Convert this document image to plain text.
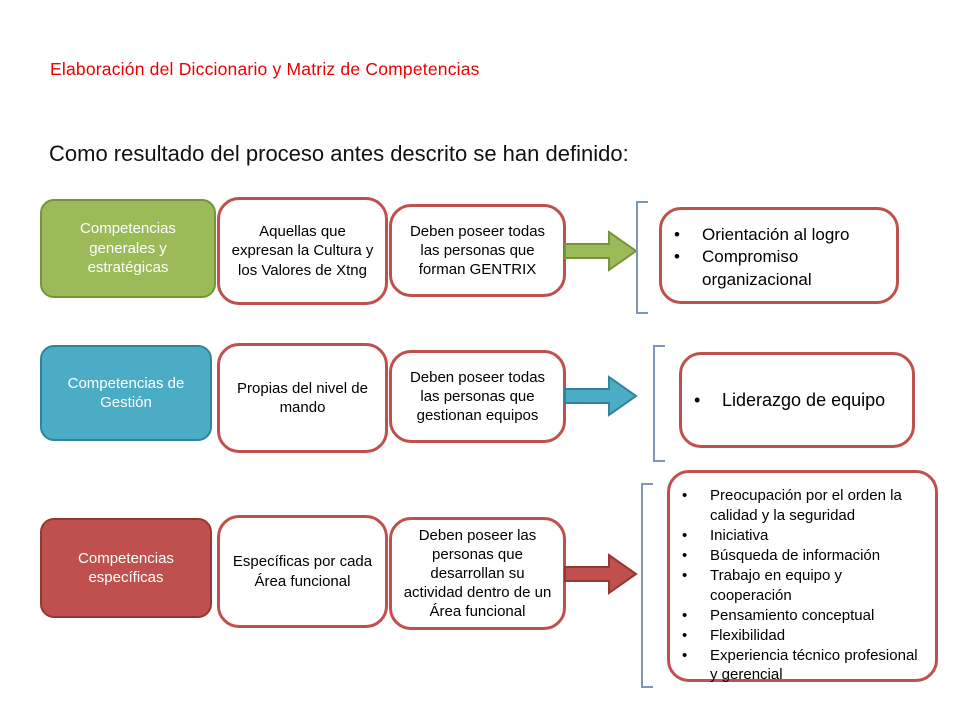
Elaboración del Diccionario y Matriz de Competencias
Como resultado del proceso antes descrito se han definido:
Competencias generales y estratégicas
Aquellas que expresan la Cultura y los Valores de Xtng
Deben poseer todas las personas que forman GENTRIX
• Orientación al logro
• Compromiso organizacional
Competencias de Gestión
Propias del nivel de mando
Deben poseer todas las personas que gestionan equipos
• Liderazgo de equipo
Competencias específicas
Específicas por cada Área funcional
Deben poseer las personas que desarrollan su actividad dentro de un Área funcional
• Preocupación por el orden la calidad y la seguridad
• Iniciativa
• Búsqueda de información
• Trabajo en equipo y cooperación
• Pensamiento conceptual
• Flexibilidad
• Experiencia técnico profesional y gerencial
